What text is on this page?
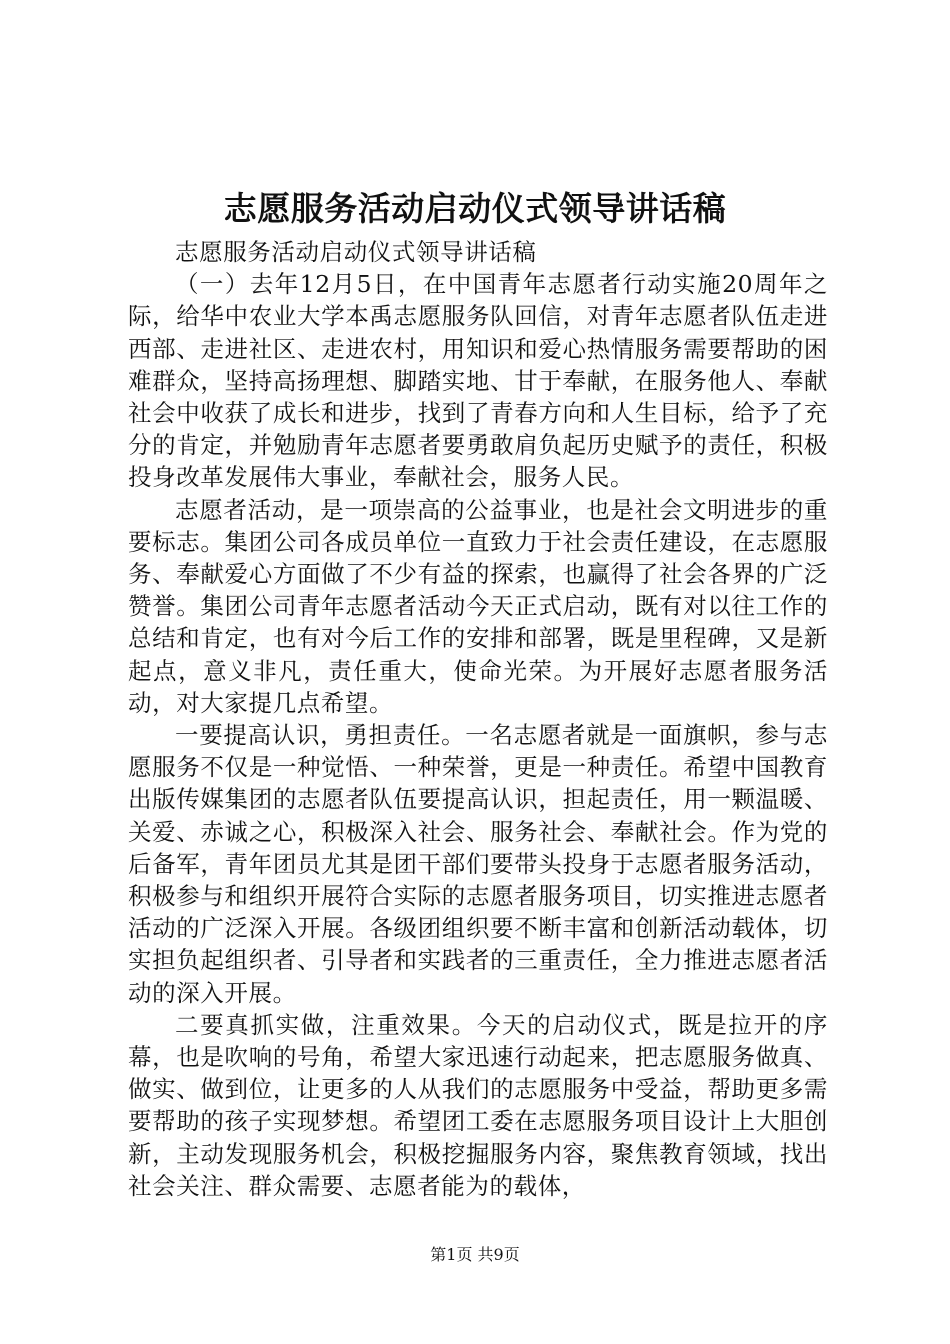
志愿服务活动启动仪式领导讲话稿

志愿服务活动启动仪式领导讲话稿

（一）去年12月5日，在中国青年志愿者行动实施20周年之际，给华中农业大学本禹志愿服务队回信，对青年志愿者队伍走进西部、走进社区、走进农村，用知识和爱心热情服务需要帮助的困难群众，坚持高扬理想、脚踏实地、甘于奉献，在服务他人、奉献社会中收获了成长和进步，找到了青春方向和人生目标，给予了充分的肯定，并勉励青年志愿者要勇敢肩负起历史赋予的责任，积极投身改革发展伟大事业，奉献社会，服务人民。

志愿者活动，是一项崇高的公益事业，也是社会文明进步的重要标志。集团公司各成员单位一直致力于社会责任建设，在志愿服务、奉献爱心方面做了不少有益的探索，也赢得了社会各界的广泛赞誉。集团公司青年志愿者活动今天正式启动，既有对以往工作的总结和肯定，也有对今后工作的安排和部署，既是里程碑，又是新起点，意义非凡，责任重大，使命光荣。为开展好志愿者服务活动，对大家提几点希望。

一要提高认识，勇担责任。一名志愿者就是一面旗帜，参与志愿服务不仅是一种觉悟、一种荣誉，更是一种责任。希望中国教育出版传媒集团的志愿者队伍要提高认识，担起责任，用一颗温暖、关爱、赤诚之心，积极深入社会、服务社会、奉献社会。作为党的后备军，青年团员尤其是团干部们要带头投身于志愿者服务活动，积极参与和组织开展符合实际的志愿者服务项目，切实推进志愿者活动的广泛深入开展。各级团组织要不断丰富和创新活动载体，切实担负起组织者、引导者和实践者的三重责任，全力推进志愿者活动的深入开展。

二要真抓实做，注重效果。今天的启动仪式，既是拉开的序幕，也是吹响的号角，希望大家迅速行动起来，把志愿服务做真、做实、做到位，让更多的人从我们的志愿服务中受益，帮助更多需要帮助的孩子实现梦想。希望团工委在志愿服务项目设计上大胆创新，主动发现服务机会，积极挖掘服务内容，聚焦教育领域，找出社会关注、群众需要、志愿者能为的载体，

第1页 共9页
